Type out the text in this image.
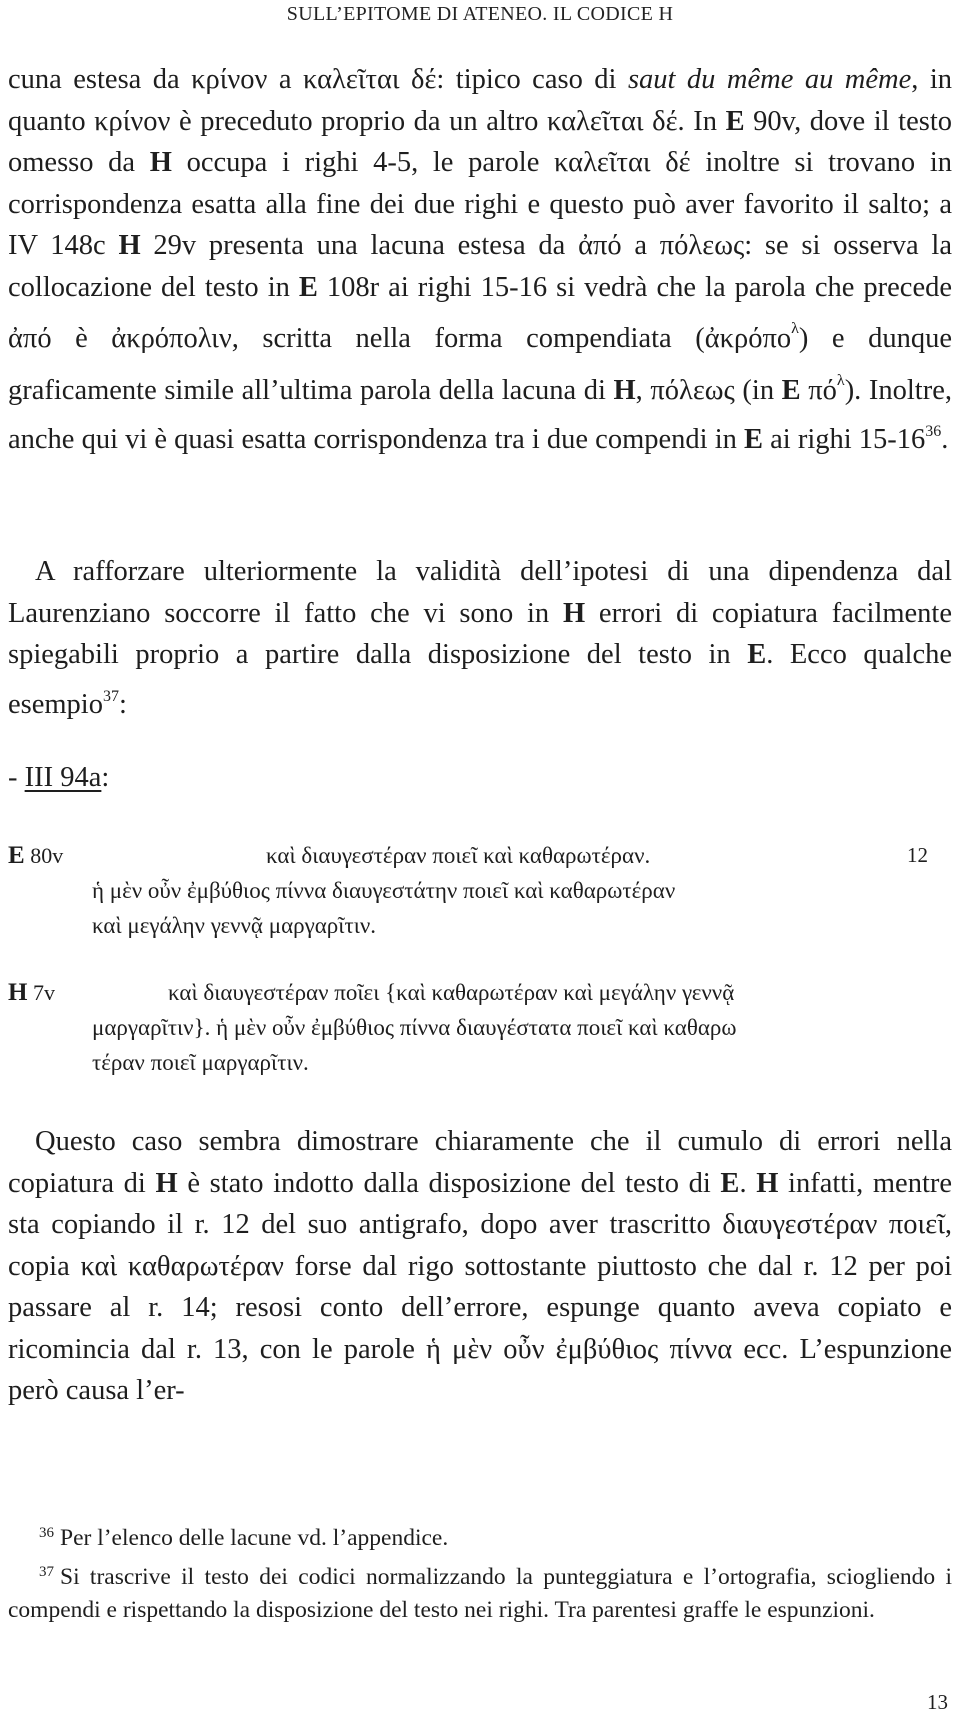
SULL’EPITOME DI ATENEO. IL CODICE H

cuna estesa da κρίνον a καλεῖται δέ: tipico caso di saut du même au même, in quanto κρίνον è preceduto proprio da un altro καλεῖται δέ. In E 90v, dove il testo omesso da H occupa i righi 4-5, le parole καλεῖται δέ inoltre si trovano in corrispondenza esatta alla fine dei due righi e questo può aver favorito il salto; a IV 148c H 29v presenta una lacuna estesa da ἀπό a πόλεως: se si osserva la collocazione del testo in E 108r ai righi 15-16 si vedrà che la parola che precede ἀπό è ἀκρόπολιν, scritta nella forma compendiata (ἀκρόπο$^\lambda$) e dunque graficamente simile all’ultima parola della lacuna di H, πόλεως (in E $\pi ό^\lambda$). Inoltre, anche qui vi è quasi esatta corrispondenza tra i due compendi in E ai righi $15-16^{36}$.

A rafforzare ulteriormente la validità dell’ipotesi di una dipendenza dal Laurenziano soccorre il fatto che vi sono in H errori di copiatura facilmente spiegabili proprio a partire dalla disposizione del testo in E. Ecco qualche esempio$^{37}$:

- III 94a:
E 80v	καὶ διαυγεστέραν ποιεῖ καὶ καθαρωτέραν.	12
ἡ μὲν οὖν ἐμβύθιος πίννα διαυγεστάτην ποιεῖ καὶ καθαρωτέραν
καὶ μεγάλην γεννᾷ μαργαρῖτιν.
H 7v	καὶ διαυγεστέραν ποῖει {καὶ καθαρωτέραν καὶ μεγάλην γεννᾷ
μαργαρῖτιν}. ἡ μὲν οὖν ἐμβύθιος πίννα διαυγέστατα ποιεῖ καὶ καθαρω
τέραν ποιεῖ μαργαρῖτιν.

Questo caso sembra dimostrare chiaramente che il cumulo di errori nella copiatura di H è stato indotto dalla disposizione del testo di E. H infatti, mentre sta copiando il r. 12 del suo antigrafo, dopo aver trascritto διαυγεστέραν ποιεῖ, copia καὶ καθαρωτέραν forse dal rigo sottostante piuttosto che dal r. 12 per poi passare al r. 14; resosi conto dell’errore, espunge quanto aveva copiato e ricomincia dal r. 13, con le parole ἡ μὲν οὖν ἐμβύθιος πίννα ecc. L’espunzione però causa l’er-

$^{36}$ Per l’elenco delle lacune vd. l’appendice.

$^{37}$ Si trascrive il testo dei codici normalizzando la punteggiatura e l’ortografia, sciogliendo i compendi e rispettando la disposizione del testo nei righi. Tra parentesi graffe le espunzioni.

13
